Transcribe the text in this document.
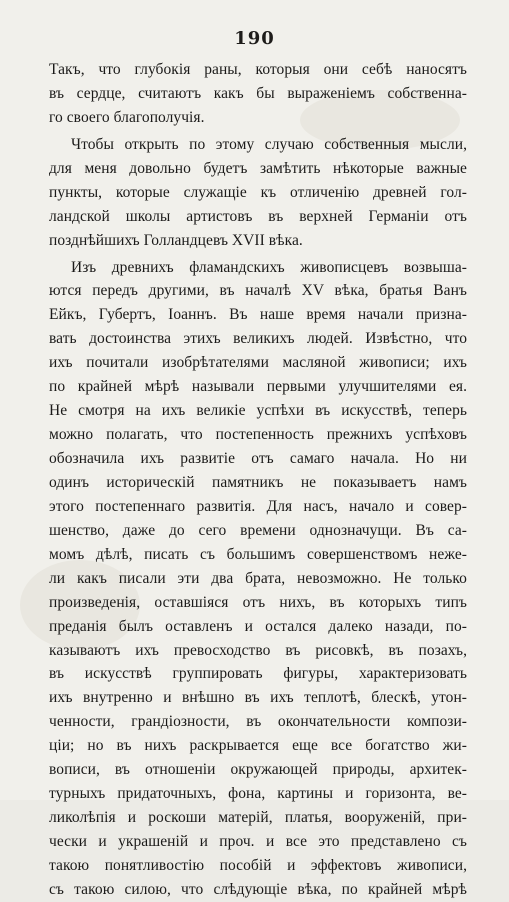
190
Такъ, что глубокія раны, которыя они себѣ наносятъ
въ сердце, считаютъ какъ бы выраженіемъ собственна-
го своего благополучія.
Чтобы открыть по этому случаю собственныя мысли,
для меня довольно будетъ замѣтить нѣкоторые важные
пункты, которые служащіе къ отличенію древней гол-
ландской школы артистовъ въ верхней Германіи отъ
позднѣйшихъ Голландцевъ XVII вѣка.
Изъ древнихъ фламандскихъ живописцевъ возвыша-
ются передъ другими, въ началѣ XV вѣка, братья Ванъ
Ейкъ, Губертъ, Іоаннъ. Въ наше время начали призна-
вать достоинства этихъ великихъ людей. Извѣстно, что
ихъ почитали изобрѣтателями масляной живописи; ихъ
по крайней мѣрѣ называли первыми улучшителями ея.
Не смотря на ихъ великіе успѣхи въ искусствѣ, теперь
можно полагать, что постепенность прежнихъ успѣховъ
обозначила ихъ развитіе отъ самаго начала. Но ни
одинъ историческій памятникъ не показываетъ намъ
этого постепеннаго развитія. Для насъ, начало и совер-
шенство, даже до сего времени однозначущи. Въ са-
момъ дѣлѣ, писать съ большимъ совершенствомъ неже-
ли какъ писали эти два брата, невозможно. Не только
произведенія, оставшіяся отъ нихъ, въ которыхъ типъ
преданія былъ оставленъ и остался далеко назади, по-
казываютъ ихъ превосходство въ рисовкѣ, въ позахъ,
въ искусствѣ группировать фигуры, характеризовать
ихъ внутренно и внѣшно въ ихъ теплотѣ, блескѣ, утон-
ченности, грандіозности, въ окончательности компози-
ціи; но въ нихъ раскрывается еще все богатство жи-
вописи, въ отношеніи окружающей природы, архитек-
турныхъ придаточныхъ, фона, картины и горизонта, ве-
ликолѣпія и роскоши матерій, платья, вооруженій, при-
чески и украшеній и проч. и все это представлено съ
такою понятливостію пособій и эффектовъ живописи,
съ такою силою, что слѣдующіе вѣка, по крайней мѣрѣ
